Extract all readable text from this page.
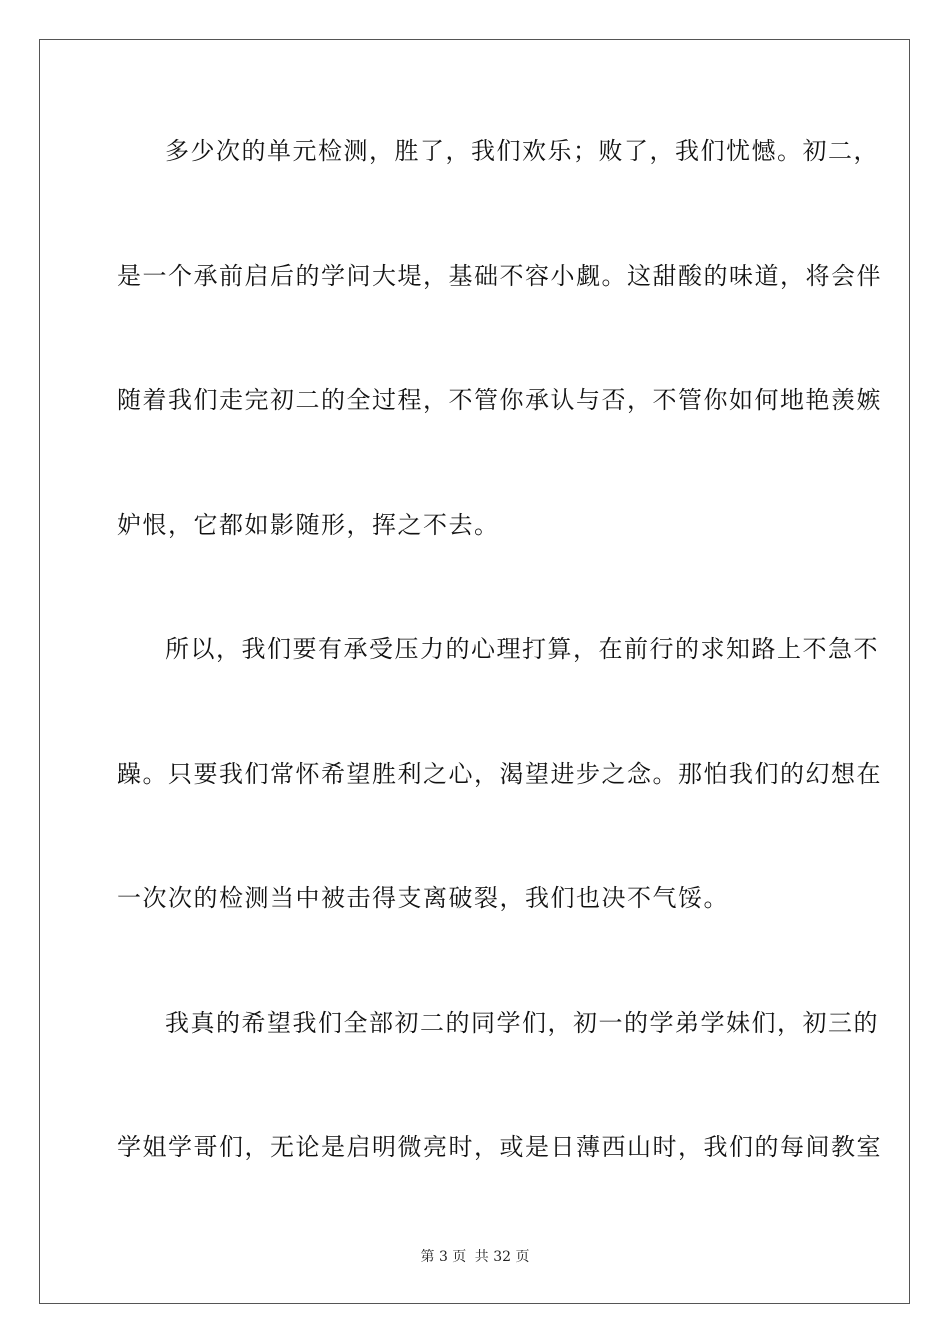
多少次的单元检测，胜了，我们欢乐；败了，我们忧憾。初二，
是一个承前启后的学问大堤，基础不容小觑。这甜酸的味道，将会伴
随着我们走完初二的全过程，不管你承认与否，不管你如何地艳羡嫉
妒恨，它都如影随形，挥之不去。
所以，我们要有承受压力的心理打算，在前行的求知路上不急不
躁。只要我们常怀希望胜利之心，渴望进步之念。那怕我们的幻想在
一次次的检测当中被击得支离破裂，我们也决不气馁。
我真的希望我们全部初二的同学们，初一的学弟学妹们，初三的
学姐学哥们，无论是启明微亮时，或是日薄西山时，我们的每间教室
第 3 页 共 32 页
